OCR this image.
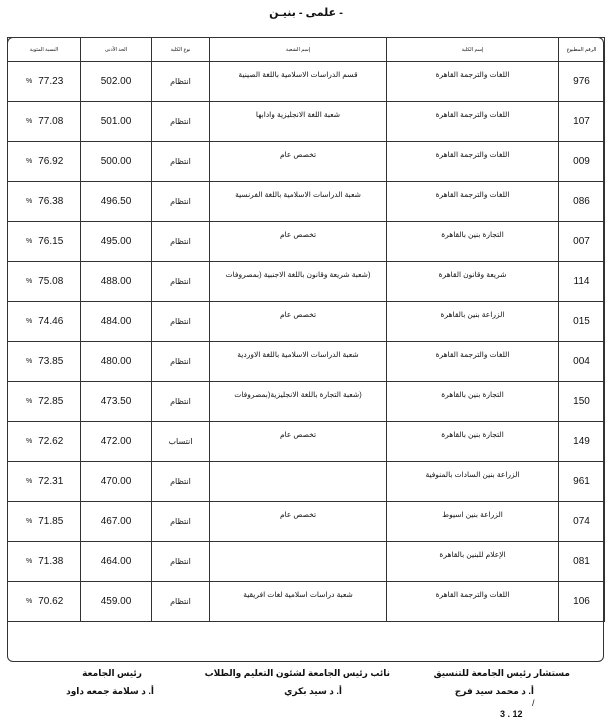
- علمى - بنيـن
الرقم المطبوع	إسم الكلية	إسم الشعبة	نوع الكلية	الحد الأدنى	النسبة المئوية
976	اللغات والترجمة القاهرة	قسم الدراسات الاسلامية باللغة الصينية	انتظام	502.00	% 77.23

107	اللغات والترجمة القاهرة	شعبة اللغة الانجليزية وادابها	انتظام	501.00	% 77.08

009	اللغات والترجمة القاهرة	تخصص عام	انتظام	500.00	% 76.92

086	اللغات والترجمة القاهرة	شعبة الدراسات الاسلامية باللغة الفرنسية	انتظام	496.50	% 76.38

007	التجارة بنين بالقاهرة	تخصص عام	انتظام	495.00	% 76.15

114	شريعة وقانون القاهرة	(شعبة شريعة وقانون باللغة الاجنبية (بمصروفات	انتظام	488.00	% 75.08

015	الزراعة بنين بالقاهرة	تخصص عام	انتظام	484.00	% 74.46

004	اللغات والترجمة القاهرة	شعبة الدراسات الاسلامية باللغة الاوردية	انتظام	480.00	% 73.85

150	التجارة بنين بالقاهرة	(شعبة التجارة باللغة الانجليزية(بمصروفات	انتظام	473.50	% 72.85

149	التجارة بنين بالقاهرة	تخصص عام	انتساب	472.00	% 72.62

961	الزراعة بنين السادات بالمنوفية		انتظام	470.00	% 72.31

074	الزراعة بنين اسيوط	تخصص عام	انتظام	467.00	% 71.85

081	الإعلام للبنين بالقاهرة		انتظام	464.00	% 71.38

106	اللغات والترجمة القاهرة	شعبة دراسات اسلامية لغات افريقية	انتظام	459.00	% 70.62
مستشار رئيس الجامعة للتنسيق
نائب رئيس الجامعة لشئون التعليم والطلاب
رئيس الجامعة
أ. د محمد سيد فرج
أ. د سيد بكري
أ. د سلامة جمعه داود
/
12 . 3
